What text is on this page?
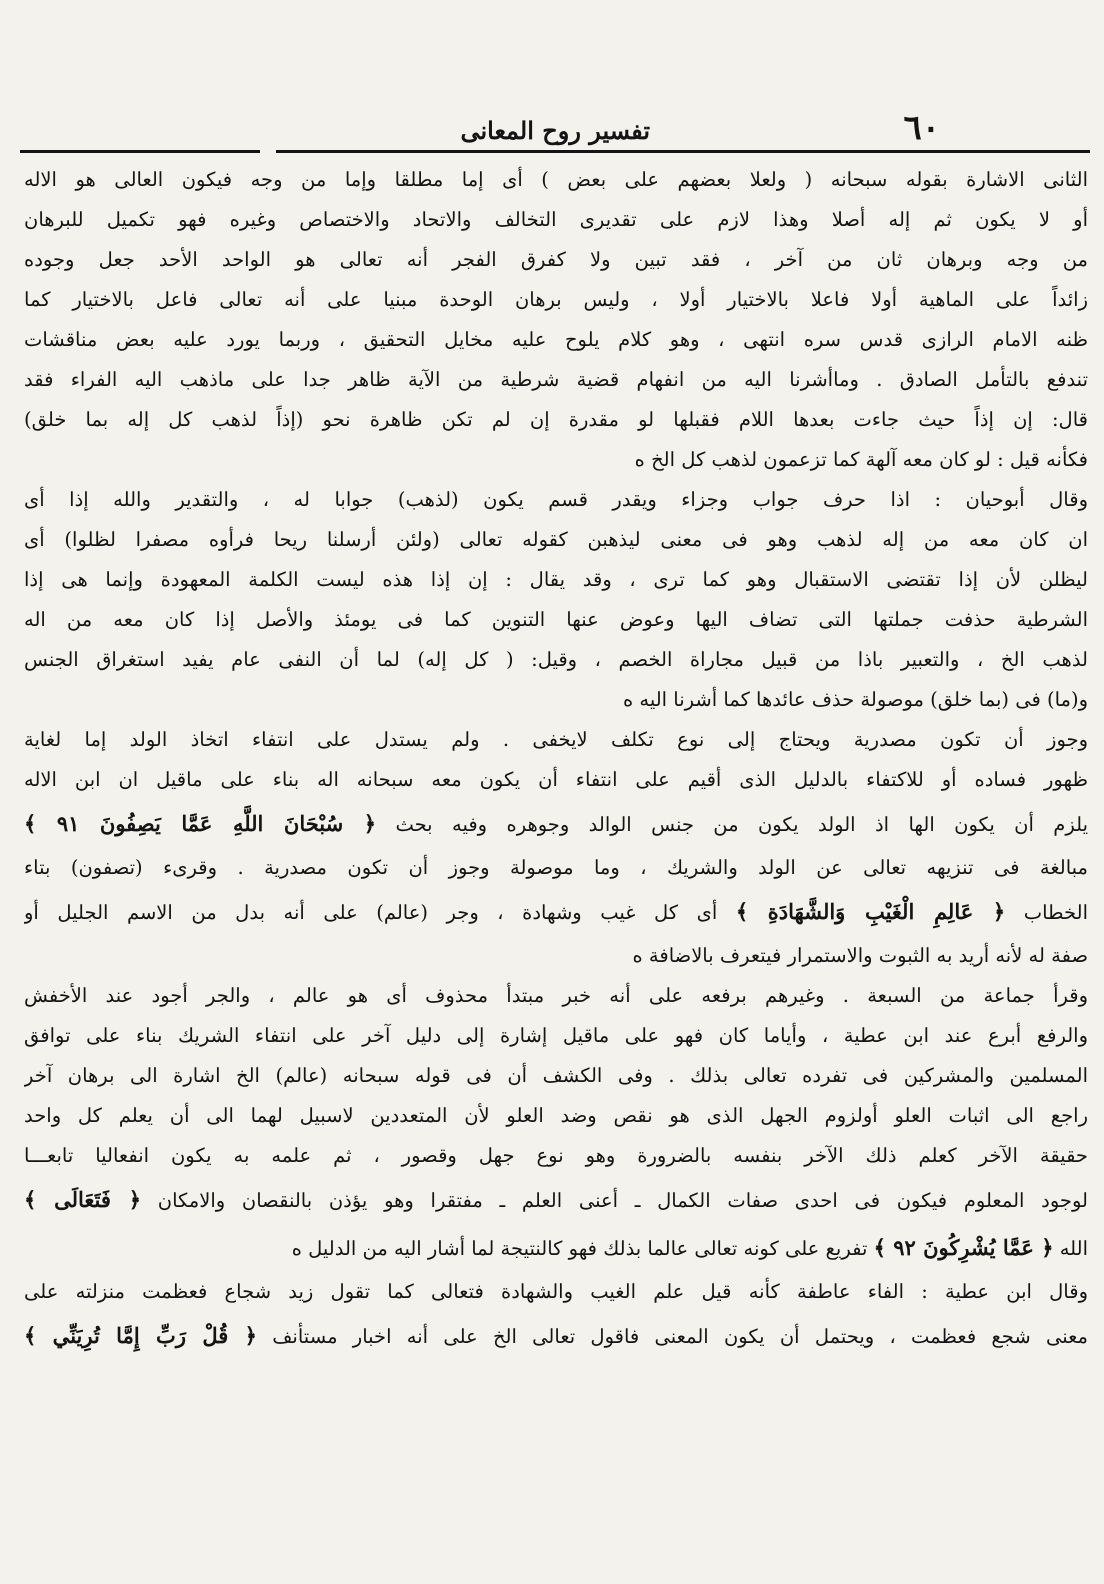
٦٠
تفسير روح المعانى
الثانى الاشارة بقوله سبحانه ( ولعلا بعضهم على بعض ) أى إما مطلقا وإما من وجه فيكون العالى هو الاله
أو لا يكون ثم إله أصلا وهذا لازم على تقديرى التخالف والاتحاد والاختصاص وغيره فهو تكميل للبرهان
من وجه وبرهان ثان من آخر ، فقد تبين ولا كفرق الفجر أنه تعالى هو الواحد الأحد جعل وجوده
زائداً على الماهية أولا فاعلا بالاختيار أولا ، وليس برهان الوحدة مبنيا على أنه تعالى فاعل بالاختيار كما
ظنه الامام الرازى قدس سره انتهى ، وهو كلام يلوح عليه مخايل التحقيق ، وربما يورد عليه بعض مناقشات
تندفع بالتأمل الصادق . وماأشرنا اليه من انفهام قضية شرطية من الآية ظاهر جدا على ماذهب اليه الفراء فقد
قال: إن إذاً حيث جاءت بعدها اللام فقبلها لو مقدرة إن لم تكن ظاهرة نحو (إذاً لذهب كل إله بما خلق)
فكأنه قيل : لو كان معه آلهة كما تزعمون لذهب كل الخ ه
وقال أبوحيان : اذا حرف جواب وجزاء ويقدر قسم يكون (لذهب) جوابا له ، والتقدير والله إذا أى
ان كان معه من إله لذهب وهو فى معنى ليذهبن كقوله تعالى (ولئن أرسلنا ريحا فرأوه مصفرا لظلوا) أى
ليظلن لأن إذا تقتضى الاستقبال وهو كما ترى ، وقد يقال : إن إذا هذه ليست الكلمة المعهودة وإنما هى إذا
الشرطية حذفت جملتها التى تضاف اليها وعوض عنها التنوين كما فى يومئذ والأصل إذا كان معه من اله
لذهب الخ ، والتعبير باذا من قبيل مجاراة الخصم ، وقيل: ( كل إله) لما أن النفى عام يفيد استغراق الجنس
و(ما) فى (بما خلق) موصولة حذف عائدها كما أشرنا اليه ه
وجوز أن تكون مصدرية ويحتاج إلى نوع تكلف لايخفى . ولم يستدل على انتفاء اتخاذ الولد إما لغاية
ظهور فساده أو للاكتفاء بالدليل الذى أقيم على انتفاء أن يكون معه سبحانه اله بناء على ماقيل ان ابن الاله
يلزم أن يكون الها اذ الولد يكون من جنس الوالد وجوهره وفيه بحث ﴿ سُبْحَانَ اللَّهِ عَمَّا يَصِفُونَ ٩١ ﴾
مبالغة فى تنزيهه تعالى عن الولد والشريك ، وما موصولة وجوز أن تكون مصدرية . وقرىء (تصفون) بتاء
الخطاب ﴿ عَالِمِ الْغَيْبِ وَالشَّهَادَةِ ﴾ أى كل غيب وشهادة ، وجر (عالم) على أنه بدل من الاسم الجليل أو
صفة له لأنه أريد به الثبوت والاستمرار فيتعرف بالاضافة ه
وقرأ جماعة من السبعة . وغيرهم برفعه على أنه خبر مبتدأ محذوف أى هو عالم ، والجر أجود عند الأخفش
والرفع أبرع عند ابن عطية ، وأياما كان فهو على ماقيل إشارة إلى دليل آخر على انتفاء الشريك بناء على توافق
المسلمين والمشركين فى تفرده تعالى بذلك . وفى الكشف أن فى قوله سبحانه (عالم) الخ اشارة الى برهان آخر
راجع الى اثبات العلو أولزوم الجهل الذى هو نقص وضد العلو لأن المتعددين لاسبيل لهما الى أن يعلم كل واحد
حقيقة الآخر كعلم ذلك الآخر بنفسه بالضرورة وهو نوع جهل وقصور ، ثم علمه به يكون انفعاليا تابعـــا
لوجود المعلوم فيكون فى احدى صفات الكمال ـ أعنى العلم ـ مفتقرا وهو يؤذن بالنقصان والامكان ﴿ فَتَعَالَى ﴾
الله ﴿ عَمَّا يُشْرِكُونَ ٩٢ ﴾ تفريع على كونه تعالى عالما بذلك فهو كالنتيجة لما أشار اليه من الدليل ه
وقال ابن عطية : الفاء عاطفة كأنه قيل علم الغيب والشهادة فتعالى كما تقول زيد شجاع فعظمت منزلته على
معنى شجع فعظمت ، ويحتمل أن يكون المعنى فاقول تعالى الخ على أنه اخبار مستأنف ﴿ قُلْ رَبِّ إِمَّا تُرِيَنِّي ﴾
